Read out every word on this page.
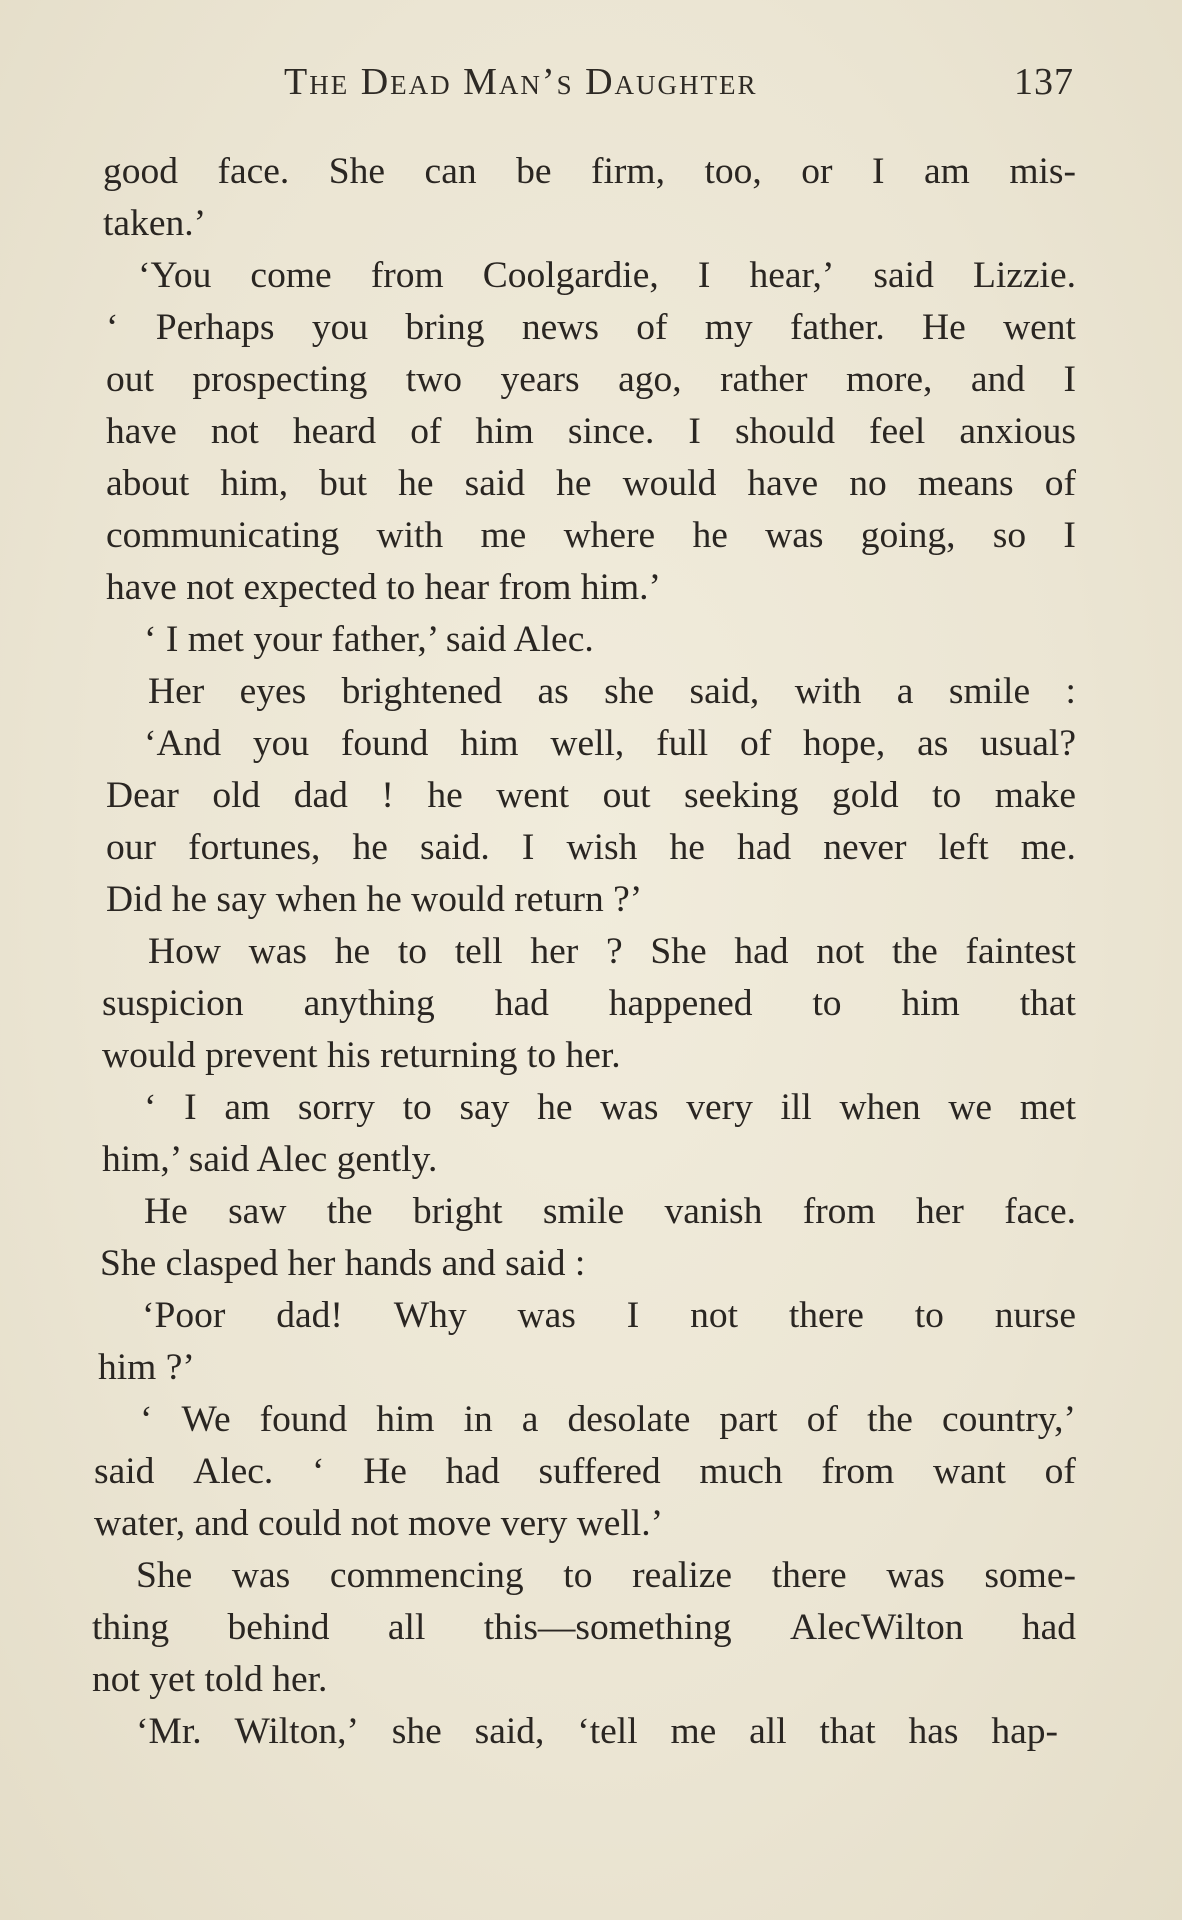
The Dead Man’s Daughter	137
good face. She can be firm, too, or I am mis-
taken.’
‘You come from Coolgardie, I hear,’ said Lizzie.
‘ Perhaps you bring news of my father. He went
out prospecting two years ago, rather more, and I
have not heard of him since. I should feel anxious
about him, but he said he would have no means of
communicating with me where he was going, so I
have not expected to hear from him.’
‘ I met your father,’ said Alec.
Her eyes brightened as she said, with a smile :
‘And you found him well, full of hope, as usual?
Dear old dad ! he went out seeking gold to make
our fortunes, he said. I wish he had never left me.
Did he say when he would return ?’
How was he to tell her ? She had not the faintest
suspicion anything had happened to him that
would prevent his returning to her.
‘ I am sorry to say he was very ill when we met
him,’ said Alec gently.
He saw the bright smile vanish from her face.
She clasped her hands and said :
‘Poor dad! Why was I not there to nurse
him ?’
‘ We found him in a desolate part of the country,’
said Alec. ‘ He had suffered much from want of
water, and could not move very well.’
She was commencing to realize there was some-
thing behind all this—something AlecWilton had
not yet told her.
‘Mr. Wilton,’ she said, ‘tell me all that has hap-
